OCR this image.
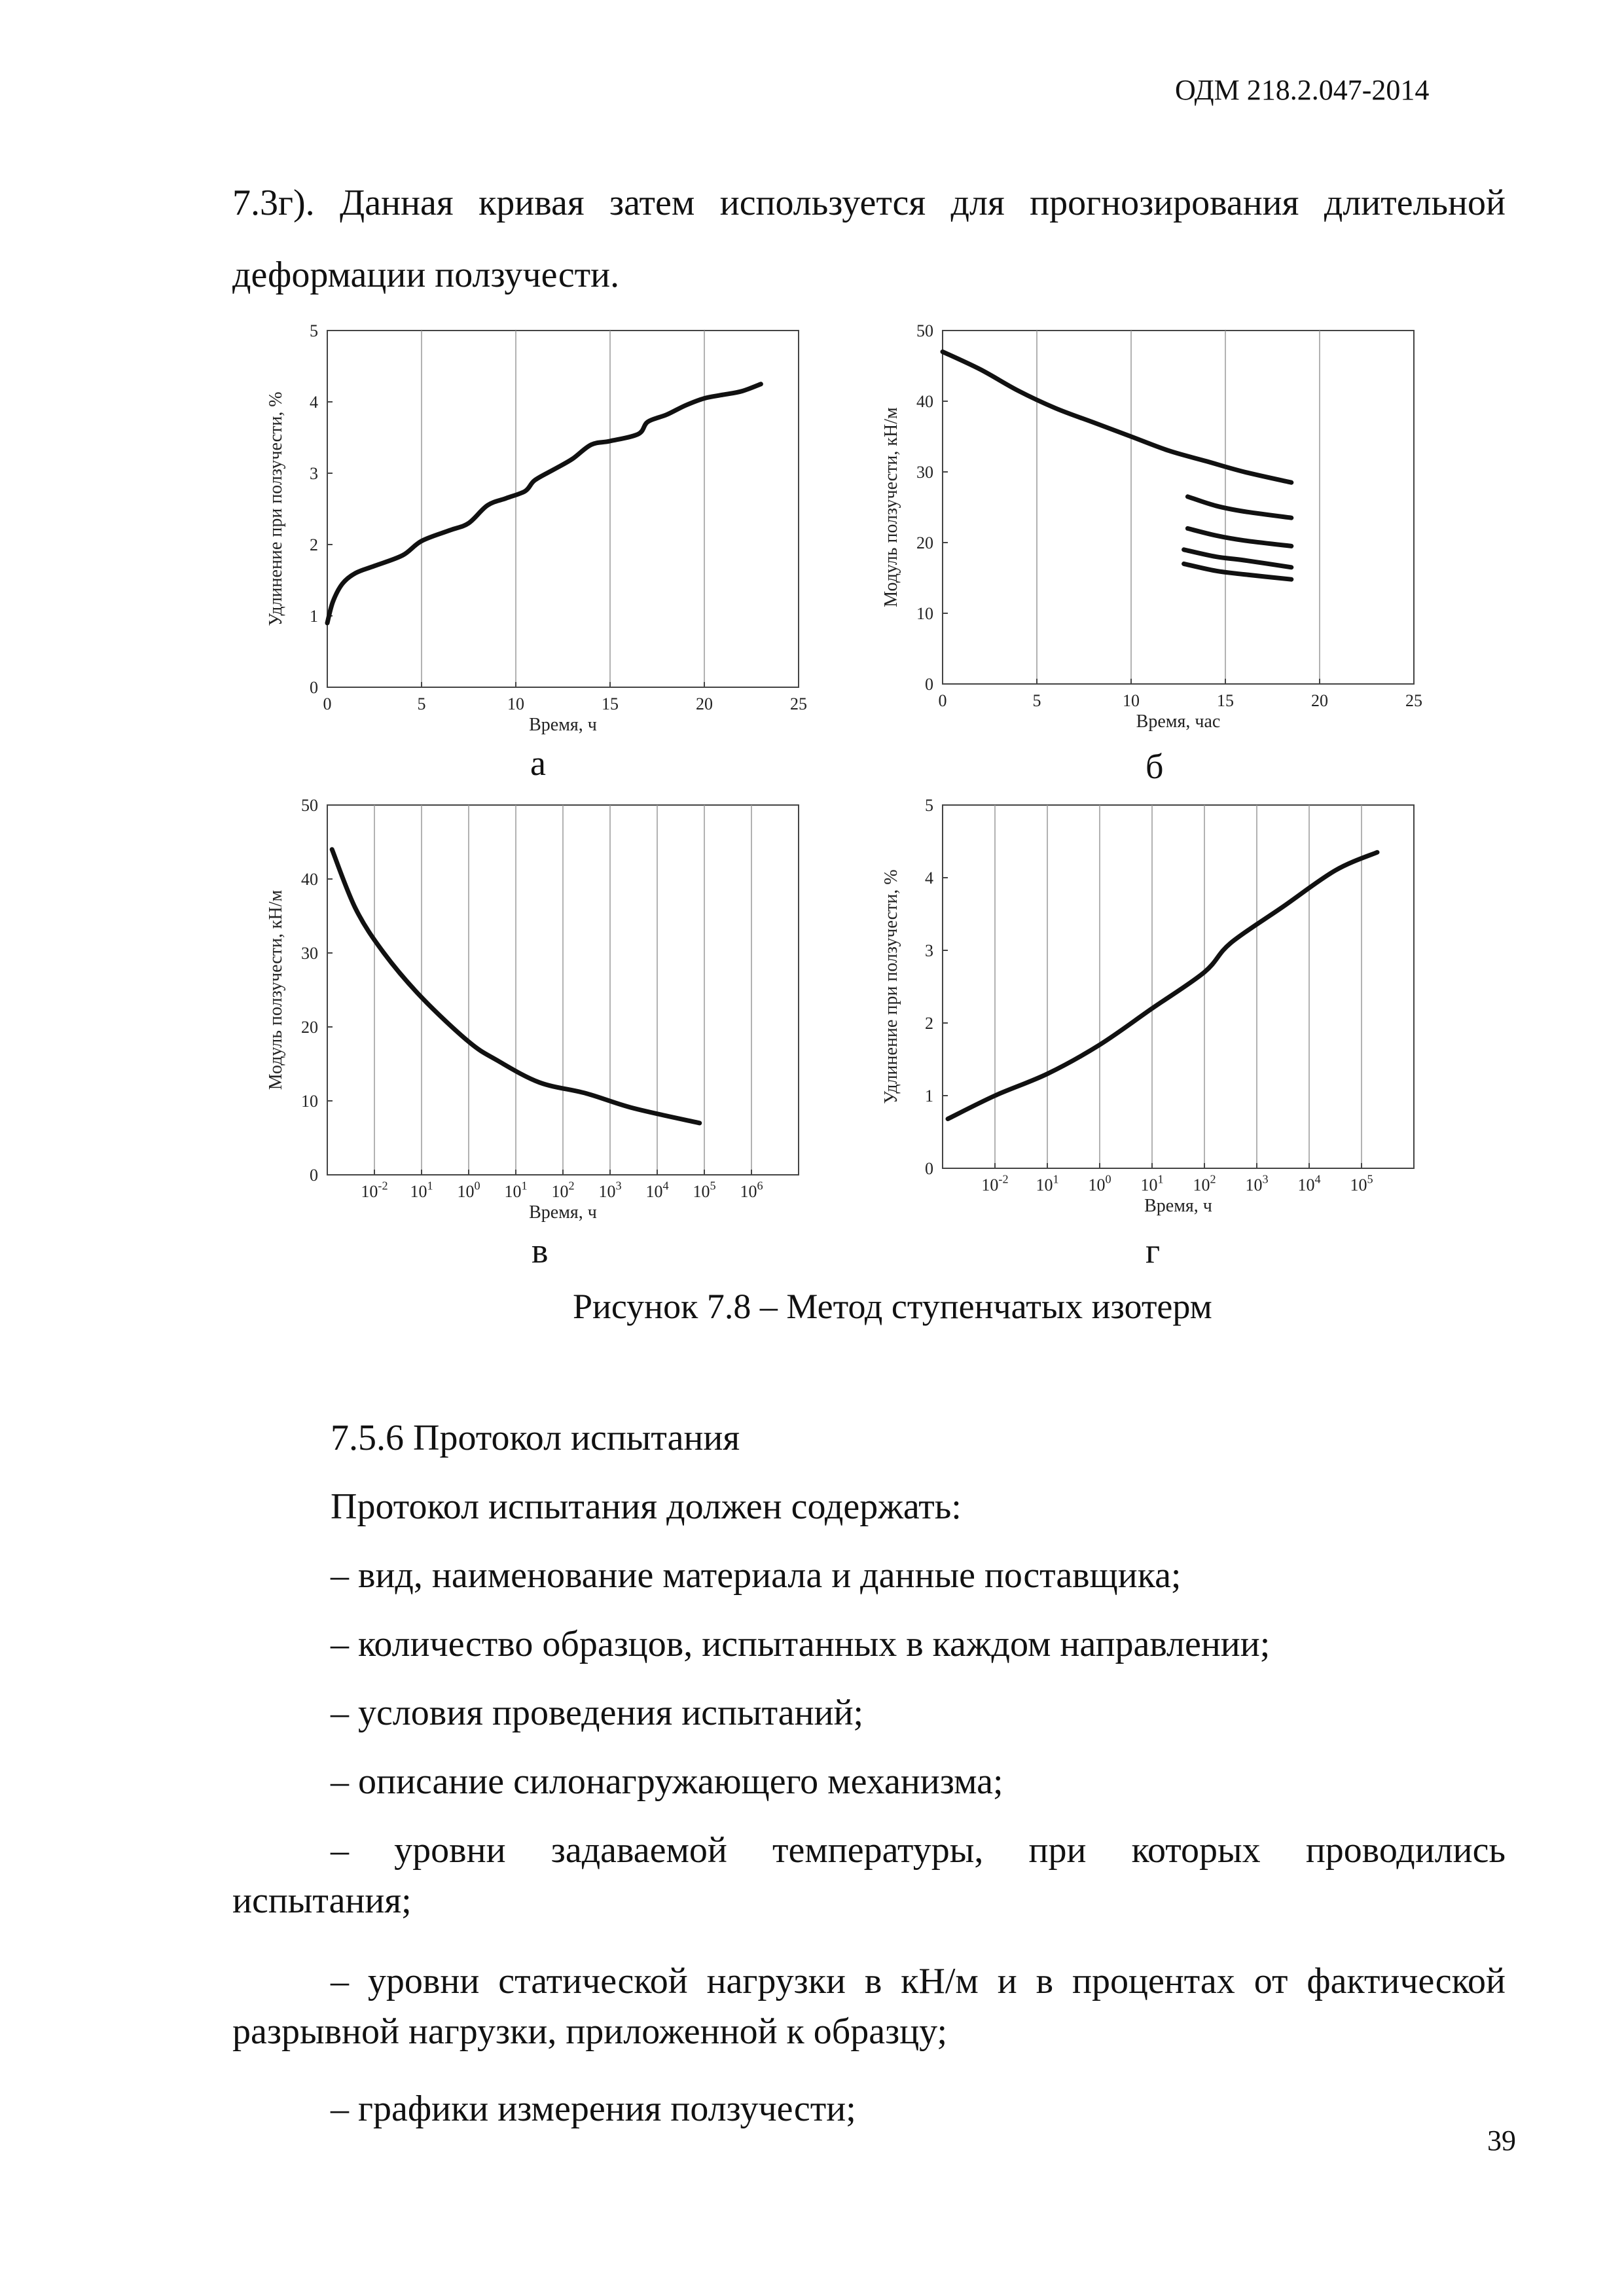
ОДМ 218.2.047-2014
7.3г). Данная кривая затем используется для прогнозирования длительной
деформации ползучести.
0	5	10	15	20	25
0
1
2
3
4
5
Время, ч
Удлинение при ползучести, %
0	5	10	15	20	25
0
10
20
30
40
50
Время, час
Модуль ползучести, кН/м
$10^{-2}$ $10^1$ $10^0$ $10^1$ $10^2$ $10^3$ $10^4$ $10^5$ $10^6$
0
10
20
30
40
50
Время, ч
Модуль ползучести, кН/м
$10^{-2}$ $10^1$ $10^0$ $10^1$ $10^2$ $10^3$ $10^4$ $10^5$
0
1
2
3
4
5
Время, ч
Удлинение при ползучести, %
а	б
в	г
Рисунок 7.8 – Метод ступенчатых изотерм
7.5.6 Протокол испытания
Протокол испытания должен содержать:
– вид, наименование материала и данные поставщика;
– количество образцов, испытанных в каждом направлении;
– условия проведения испытаний;
– описание силонагружающего механизма;
– уровни задаваемой температуры, при которых проводились
испытания;
– уровни статической нагрузки в кН/м и в процентах от фактической
разрывной нагрузки, приложенной к образцу;
– графики измерения ползучести;
39
